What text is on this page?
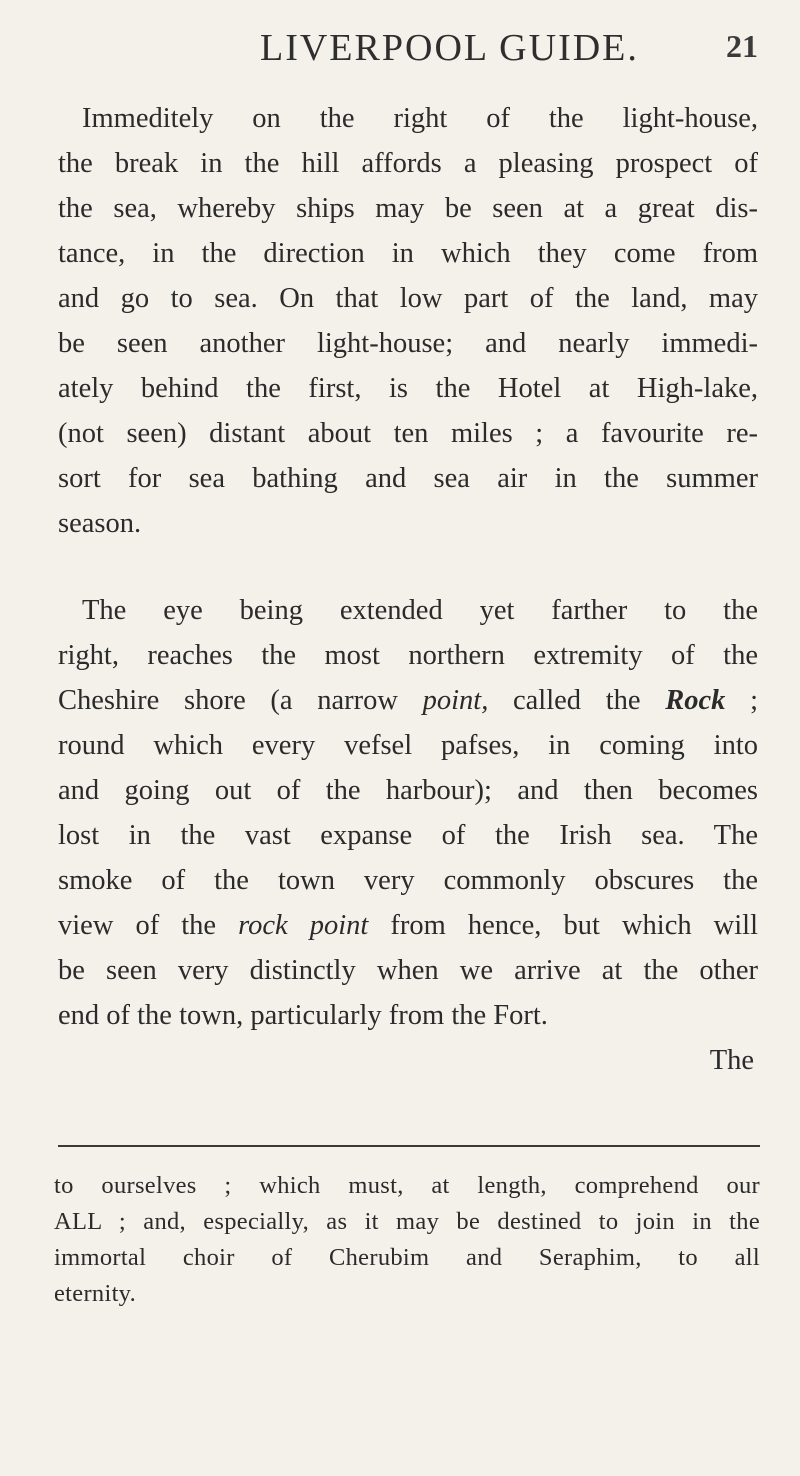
LIVERPOOL GUIDE.	21
Immeditely on the right of the light-house,
the break in the hill affords a pleasing prospect of
the sea, whereby ships may be seen at a great dis-
tance, in the direction in which they come from
and go to sea. On that low part of the land, may
be seen another light-house; and nearly immedi-
ately behind the first, is the Hotel at High-lake,
(not seen) distant about ten miles ; a favourite re-
sort for sea bathing and sea air in the summer
season.
The eye being extended yet farther to the
right, reaches the most northern extremity of the
Cheshire shore (a narrow point, called the Rock ;
round which every vefsel pafses, in coming into
and going out of the harbour); and then becomes
lost in the vast expanse of the Irish sea. The
smoke of the town very commonly obscures the
view of the rock point from hence, but which will
be seen very distinctly when we arrive at the other
end of the town, particularly from the Fort.
The
to ourselves ; which must, at length, comprehend our
ALL ; and, especially, as it may be destined to join in the
immortal choir of Cherubim and Seraphim, to all
eternity.
